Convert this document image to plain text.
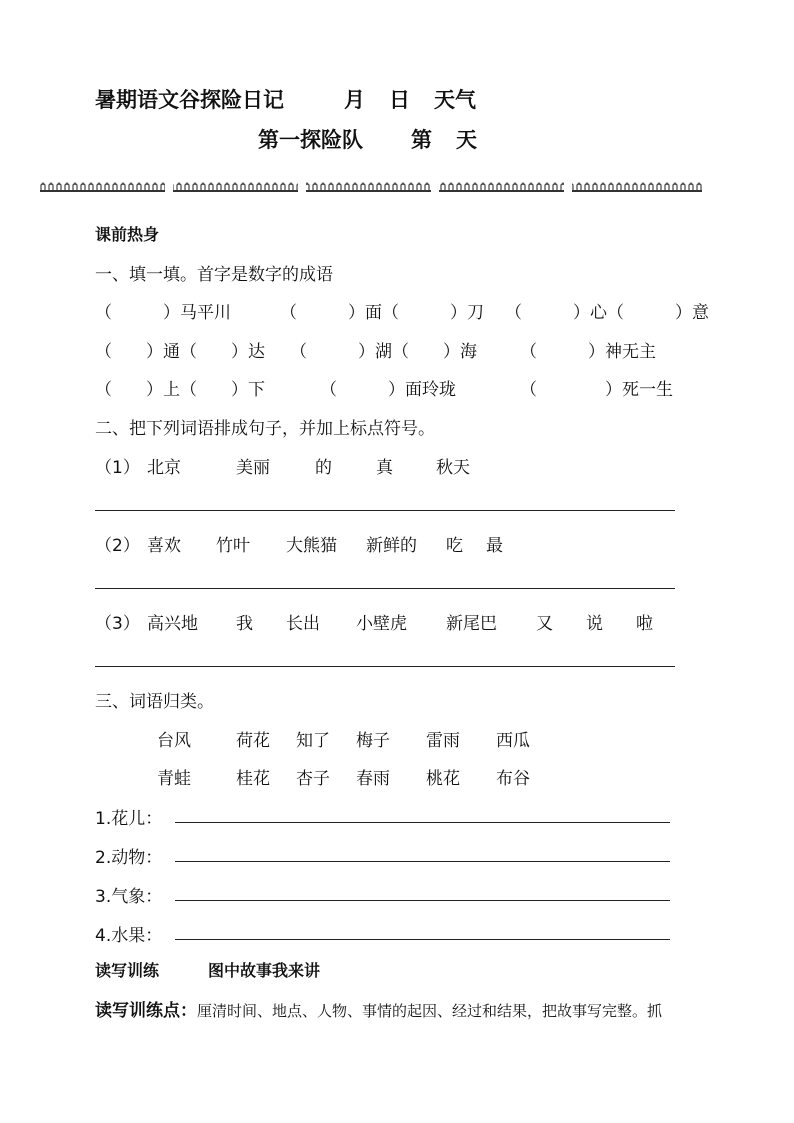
暑期语文谷探险日记	月 日 天气
第一探险队 第 天
课前热身
一、填一填。首字是数字的成语
（　　　）马平川	（　　　）面（　　　）刀 （　　　）心（　　　）意
（　　）通（　　）达 （　　　）湖（　　）海	（　　　）神无主
（　　）上（　　）下	（　　　）面玲珑	（　　　　）死一生
二、把下列词语排成句子，并加上标点符号。
（1） 北京	美丽	的	真	秋天
（2） 喜欢 竹叶 大熊猫 新鲜的 吃 最
（3） 高兴地 我 长出 小壁虎 新尾巴 又 说 啦
三、词语归类。
台风	荷花 知了 梅子 雷雨 西瓜
青蛙	桂花 杏子 春雨 桃花 布谷
1.花儿：
2.动物：
3.气象：
4.水果：
读写训练	图中故事我来讲
读写训练点：厘清时间、地点、人物、事情的起因、经过和结果，把故事写完整。抓
